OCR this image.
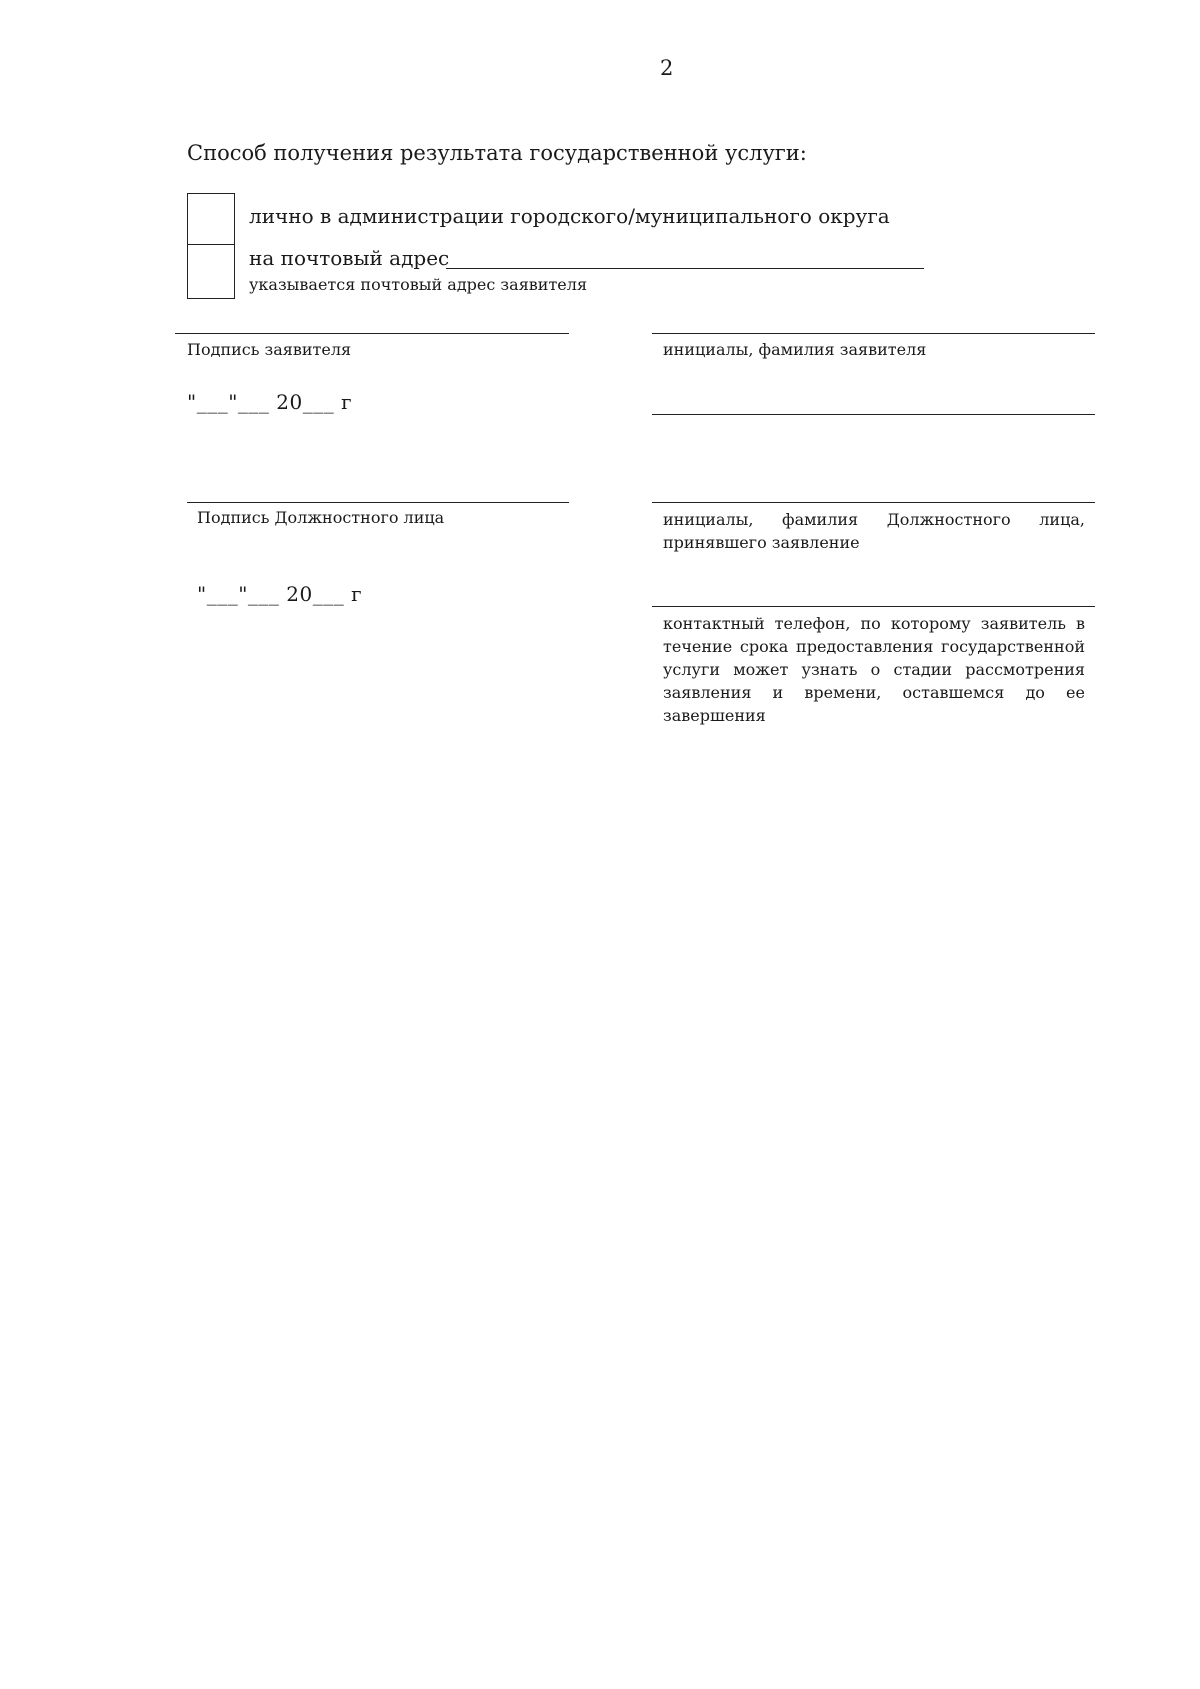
2
Способ получения результата государственной услуги:
лично в администрации городского/муниципального округа
на почтовый адрес
указывается почтовый адрес заявителя
Подпись заявителя	инициалы, фамилия заявителя
"___"___ 20___ г
Подпись Должностного лица	инициалы, фамилия Должностного лица, принявшего заявление
"___"___ 20___ г
контактный телефон, по которому заявитель в течение срока предоставления государственной услуги может узнать о стадии рассмотрения заявления и времени, оставшемся до ее завершения
